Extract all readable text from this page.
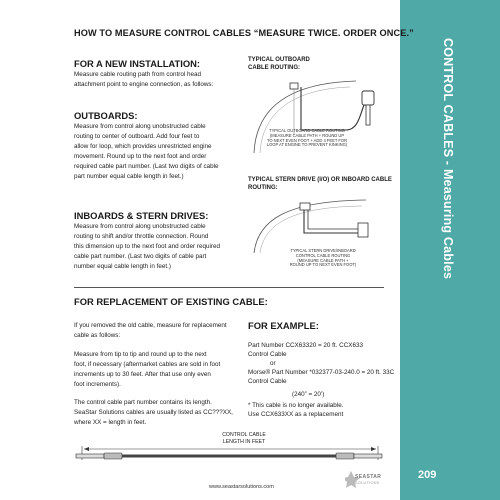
CONTROL CABLES - Measuring Cables
209
HOW TO MEASURE CONTROL CABLES “MEASURE TWICE. ORDER ONCE.”
FOR A NEW INSTALLATION:

Measure cable routing path from control head

attachment point to engine connection, as follows:

OUTBOARDS:

Measure from control along unobstructed cable

routing to center of outboard. Add four feet to

allow for loop, which provides unrestricted engine

movement. Round up to the next foot and order

required cable part number. (Last two digits of cable

part number equal cable length in feet.)

INBOARDS & STERN DRIVES:

Measure from control along unobstructed cable

routing to shift and/or throttle connection. Round

this dimension up to the next foot and order required

cable part number. (Last two digits of cable part

number equal cable length in feet.)

TYPICAL OUTBOARD
CABLE ROUTING:
TYPICAL OUTBOARD CABLE ROUTING
(MEASURE CABLE PATH + ROUND UP
TO NEXT EVEN FOOT + ADD 4 FEET FOR
LOOP AT ENGINE TO PREVENT KINKING)
TYPICAL STERN DRIVE (I/O) OR INBOARD CABLE
ROUTING:
TYPICAL STERN DRIVE/INBOARD
CONTROL CABLE ROUTING
(MEASURE CABLE PATH +
ROUND UP TO NEXT EVEN FOOT)
FOR REPLACEMENT OF EXISTING CABLE:

If you removed the old cable, measure for replacement

cable as follows:

Measure from tip to tip and round up to the next

foot, if necessary (aftermarket cables are sold in foot

increments up to 30 feet. After that use only even

foot increments).

The control cable part number contains its length.

SeaStar Solutions cables are usually listed as CC???XX,

where XX = length in feet.

FOR EXAMPLE:
Part Number CCX63320 = 20 ft. CCX633
Control Cable
or
Morse® Part Number *032377-03-240.0 = 20 ft. 33C
Control Cable
(240” = 20’)
* This cable is no longer available.
Use CCX633XX as a replacement
CONTROL CABLE
LENGTH IN FEET
www.seastarsolutions.com
SEASTAR
SOLUTIONS
